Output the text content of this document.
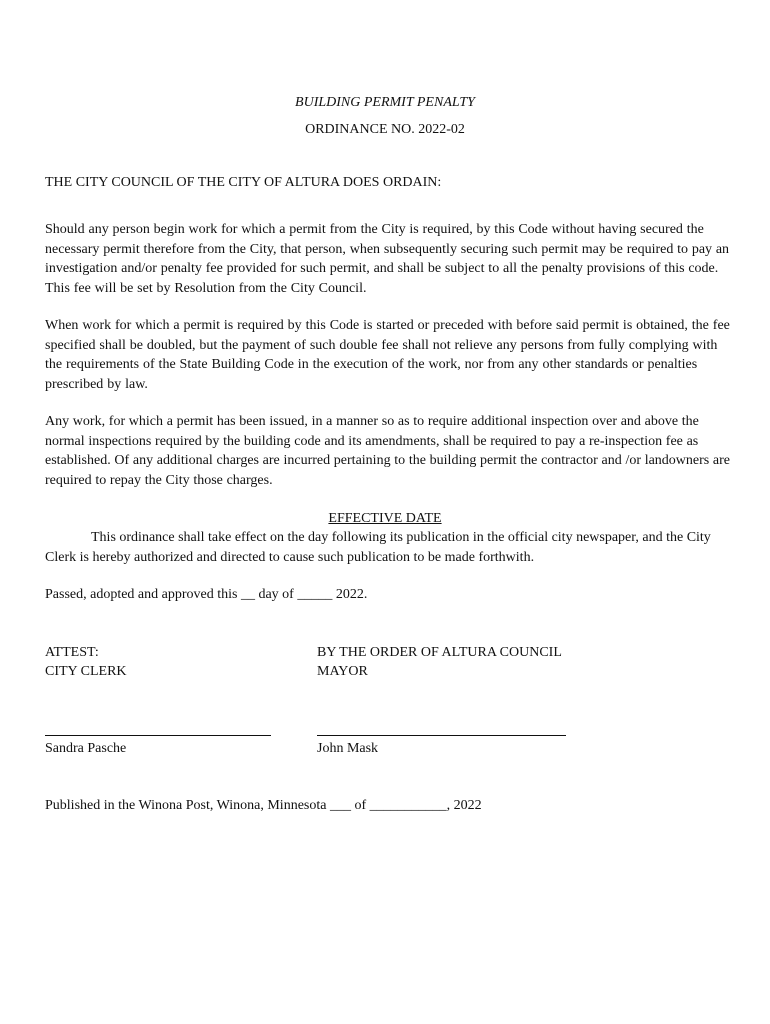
BUILDING PERMIT PENALTY
ORDINANCE NO. 2022-02
THE CITY COUNCIL OF THE CITY OF ALTURA DOES ORDAIN:
Should any person begin work for which a permit from the City is required, by this Code without having secured the necessary permit therefore from the City, that person, when subsequently securing such permit may be required to pay an investigation and/or penalty fee provided for such permit, and shall be subject to all the penalty provisions of this code. This fee will be set by Resolution from the City Council.
When work for which a permit is required by this Code is started or preceded with before said permit is obtained, the fee specified shall be doubled, but the payment of such double fee shall not relieve any persons from fully complying with the requirements of the State Building Code in the execution of the work, nor from any other standards or penalties prescribed by law.
Any work, for which a permit has been issued, in a manner so as to require additional inspection over and above the normal inspections required by the building code and its amendments, shall be required to pay a re-inspection fee as established. Of any additional charges are incurred pertaining to the building permit the contractor and /or landowners are required to repay the City those charges.
EFFECTIVE DATE
This ordinance shall take effect on the day following its publication in the official city newspaper, and the City Clerk is hereby authorized and directed to cause such publication to be made forthwith.
Passed, adopted and approved this __ day of _____ 2022.
ATTEST:
CITY CLERK
BY THE ORDER OF ALTURA COUNCIL
MAYOR
Sandra Pasche	John Mask
Published in the Winona Post, Winona, Minnesota ___ of ___________, 2022
